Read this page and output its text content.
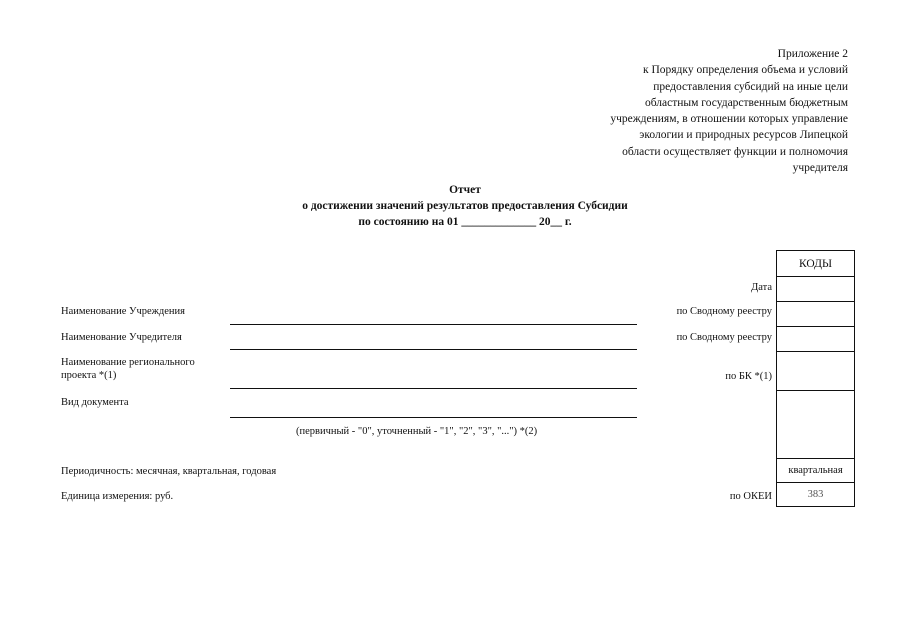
Приложение 2
к Порядку определения объема и условий
предоставления субсидий на иные цели
областным государственным бюджетным
учреждениям, в отношении которых управление
экологии и природных ресурсов Липецкой
области осуществляет функции и полномочия
учредителя
Отчет
о достижении значений результатов предоставления Субсидии
по состоянию на 01 _____________ 20__ г.
Наименование Учреждения
Наименование Учредителя
Наименование регионального
проекта *(1)
Вид документа
(первичный - "0", уточненный - "1", "2", "3", "...") *(2)
Периодичность: месячная, квартальная, годовая
Единица измерения: руб.
Дата
по Сводному реестру
по Сводному реестру
по БК *(1)
по ОКЕИ
КОДЫ
квартальная
383
